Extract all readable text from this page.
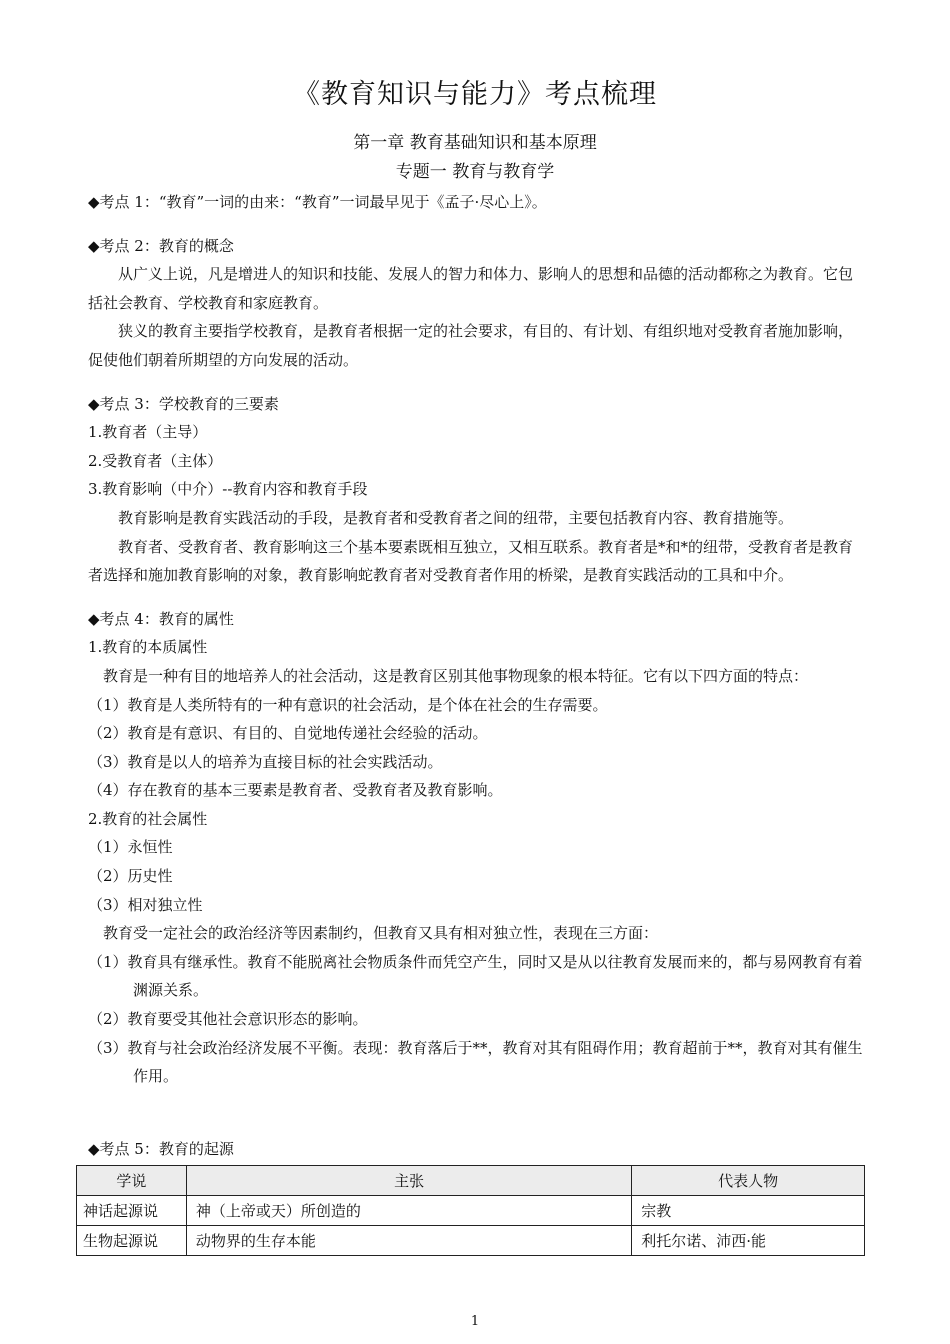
《教育知识与能力》考点梳理
第一章 教育基础知识和基本原理
专题一 教育与教育学

◆考点 1：“教育”一词的由来：“教育”一词最早见于《孟子·尽心上》。

◆考点 2：教育的概念

从广义上说，凡是增进人的知识和技能、发展人的智力和体力、影响人的思想和品德的活动都称之为教育。它包括社会教育、学校教育和家庭教育。

狭义的教育主要指学校教育，是教育者根据一定的社会要求，有目的、有计划、有组织地对受教育者施加影响，促使他们朝着所期望的方向发展的活动。

◆考点 3：学校教育的三要素

1.教育者（主导）

2.受教育者（主体）

3.教育影响（中介）--教育内容和教育手段

教育影响是教育实践活动的手段，是教育者和受教育者之间的纽带，主要包括教育内容、教育措施等。

教育者、受教育者、教育影响这三个基本要素既相互独立，又相互联系。教育者是*和*的纽带，受教育者是教育者选择和施加教育影响的对象，教育影响蛇教育者对受教育者作用的桥梁，是教育实践活动的工具和中介。

◆考点 4：教育的属性

1.教育的本质属性

教育是一种有目的地培养人的社会活动，这是教育区别其他事物现象的根本特征。它有以下四方面的特点：

（1）教育是人类所特有的一种有意识的社会活动，是个体在社会的生存需要。

（2）教育是有意识、有目的、自觉地传递社会经验的活动。

（3）教育是以人的培养为直接目标的社会实践活动。

（4）存在教育的基本三要素是教育者、受教育者及教育影响。

2.教育的社会属性

（1）永恒性

（2）历史性

（3）相对独立性

教育受一定社会的政治经济等因素制约，但教育又具有相对独立性，表现在三方面：

（1）教育具有继承性。教育不能脱离社会物质条件而凭空产生，同时又是从以往教育发展而来的，都与易网教育有着渊源关系。

（2）教育要受其他社会意识形态的影响。

（3）教育与社会政治经济发展不平衡。表现：教育落后于**，教育对其有阻碍作用；教育超前于**，教育对其有催生作用。

◆考点 5：教育的起源
学说	主张	代表人物
神话起源说	神（上帝或天）所创造的	宗教
生物起源说	动物界的生存本能	利托尔诺、沛西·能
1
